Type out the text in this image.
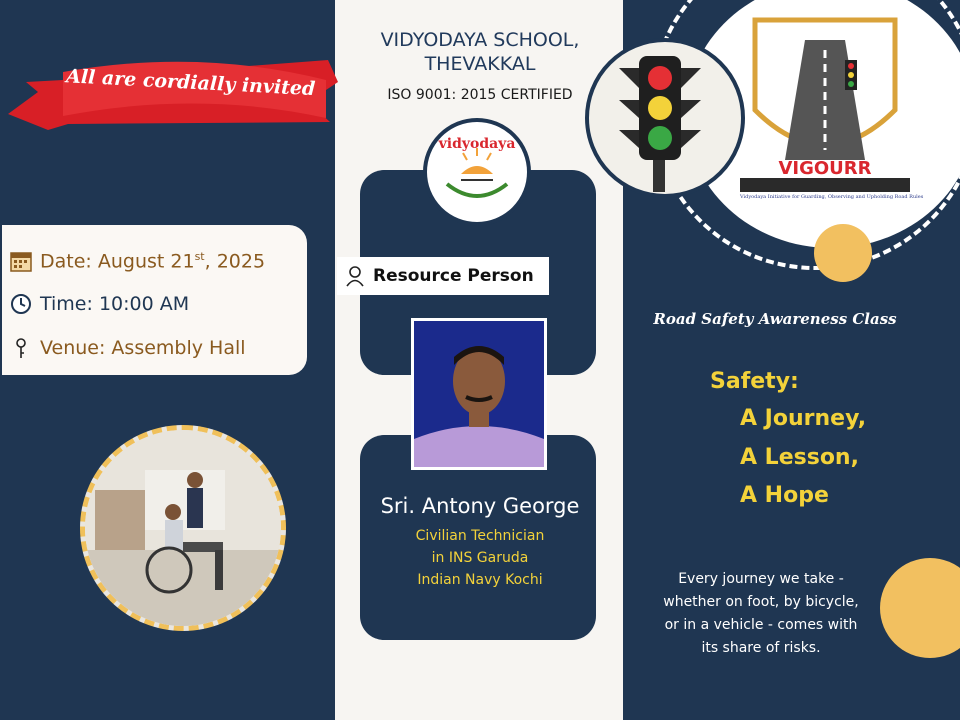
All are cordially invited
Date: August 21st, 2025
Time: 10:00 AM
Venue: Assembly Hall
VIDYODAYA SCHOOL,
THEVAKKAL
ISO 9001: 2015 CERTIFIED
vidyodaya
Resource Person
Sri. Antony George
Civilian Technician
in INS Garuda
Indian Navy Kochi
VIGOURR
Vidyodaya Initiative for Guarding, Observing and Upholding Road Rules
Road Safety Awareness Class
Safety:
A Journey,
A Lesson,
A Hope
Every journey we take - whether on foot, by bicycle, or in a vehicle - comes with its share of risks.
